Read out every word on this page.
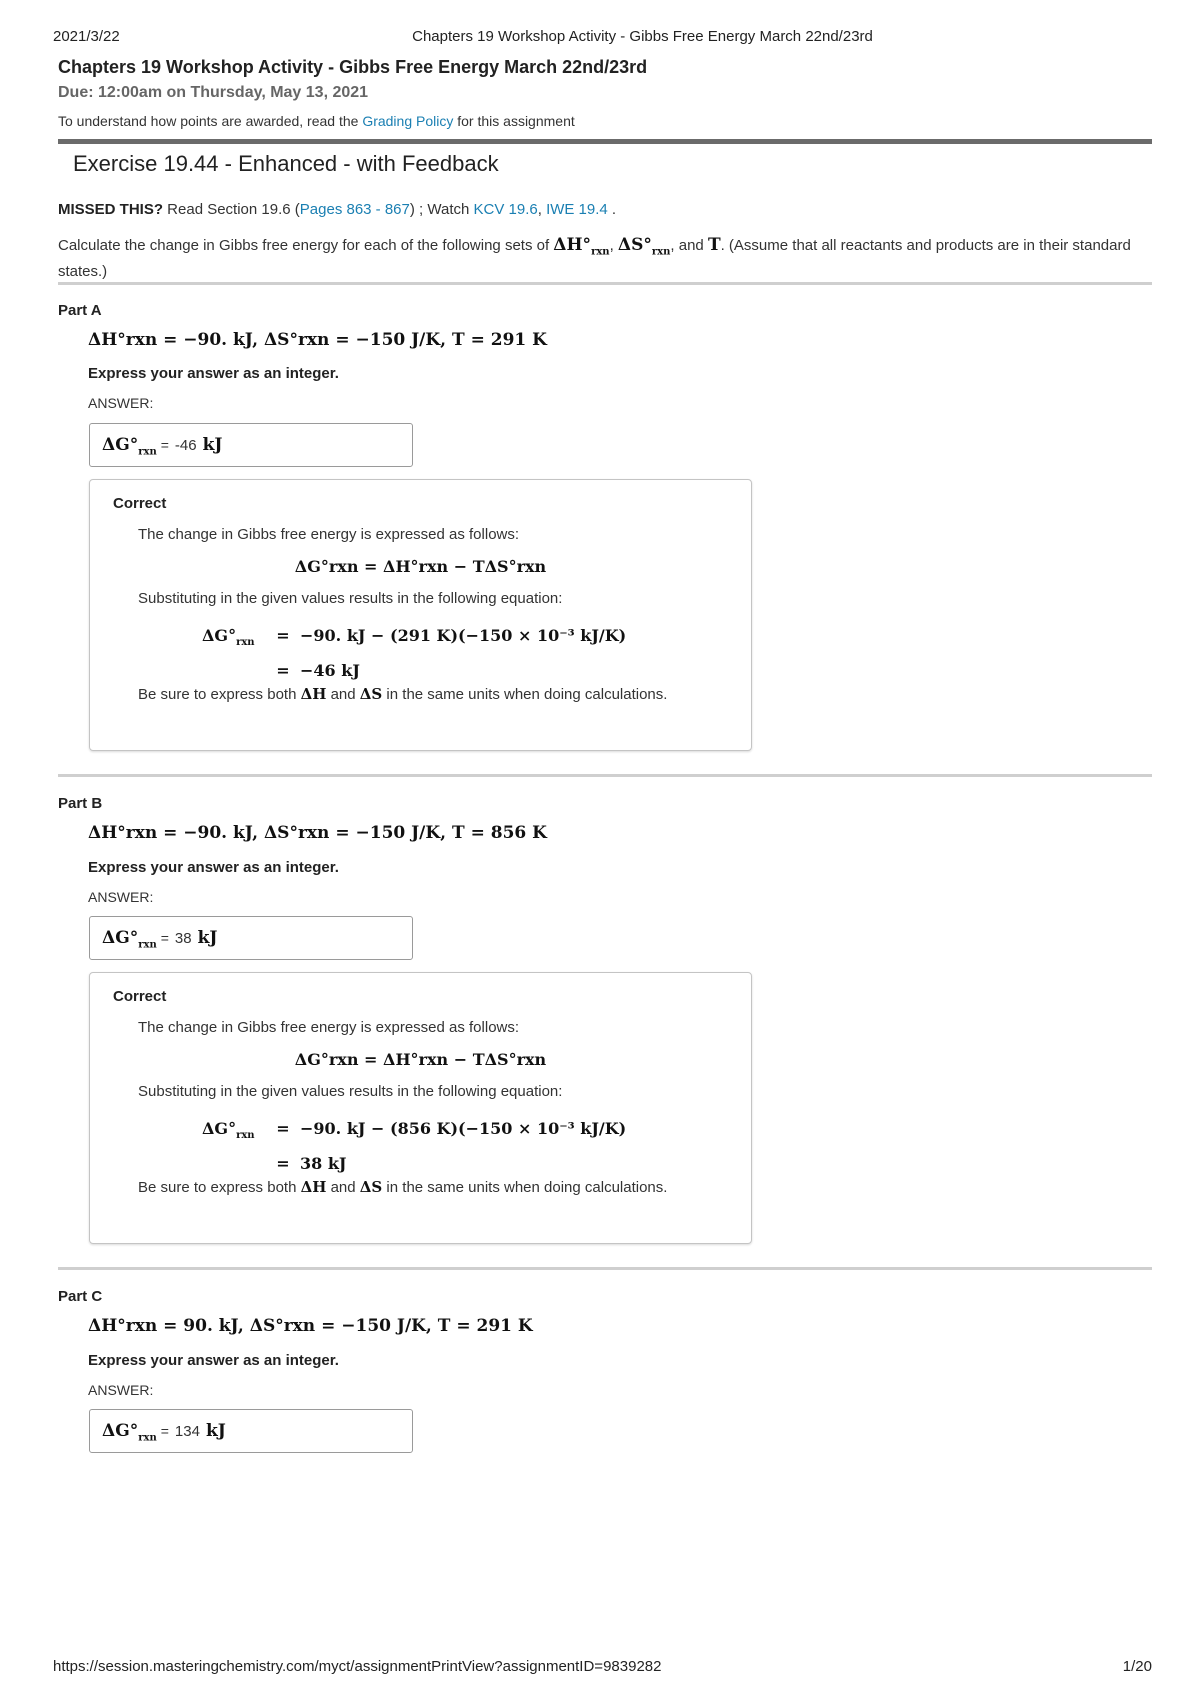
2021/3/22	Chapters 19 Workshop Activity - Gibbs Free Energy March 22nd/23rd
Chapters 19 Workshop Activity - Gibbs Free Energy March 22nd/23rd
Due: 12:00am on Thursday, May 13, 2021
To understand how points are awarded, read the Grading Policy for this assignment
Exercise 19.44 - Enhanced - with Feedback
MISSED THIS? Read Section 19.6 (Pages 863 - 867) ; Watch KCV 19.6, IWE 19.4 .
Calculate the change in Gibbs free energy for each of the following sets of $\Delta H^\circ_{rxn}$, $\Delta S^\circ_{rxn}$, and T. (Assume that all reactants and products are in their standard states.)
Part A
ΔH°rxn = −90. kJ, ΔS°rxn = −150 J/K, T = 291 K
Express your answer as an integer.
ANSWER:
$\Delta G^\circ_{rxn} = -46$ kJ
Correct
The change in Gibbs free energy is expressed as follows:
ΔG°rxn = ΔH°rxn − TΔS°rxn
Substituting in the given values results in the following equation:
$\Delta G^\circ_{rxn} = -90$. kJ − (291 K)(−150 × 10⁻³ kJ/K)
= −46 kJ
Be sure to express both ΔH and ΔS in the same units when doing calculations.
Part B
ΔH°rxn = −90. kJ, ΔS°rxn = −150 J/K, T = 856 K
Express your answer as an integer.
ANSWER:
$\Delta G^\circ_{rxn} = 38$ kJ
Correct
The change in Gibbs free energy is expressed as follows:
ΔG°rxn = ΔH°rxn − TΔS°rxn
Substituting in the given values results in the following equation:
$\Delta G^\circ_{rxn} = -90$. kJ − (856 K)(−150 × 10⁻³ kJ/K)
= 38 kJ
Be sure to express both ΔH and ΔS in the same units when doing calculations.
Part C
ΔH°rxn = 90. kJ, ΔS°rxn = −150 J/K, T = 291 K
Express your answer as an integer.
ANSWER:
$\Delta G^\circ_{rxn} = 134$ kJ
https://session.masteringchemistry.com/myct/assignmentPrintView?assignmentID=9839282	1/20
